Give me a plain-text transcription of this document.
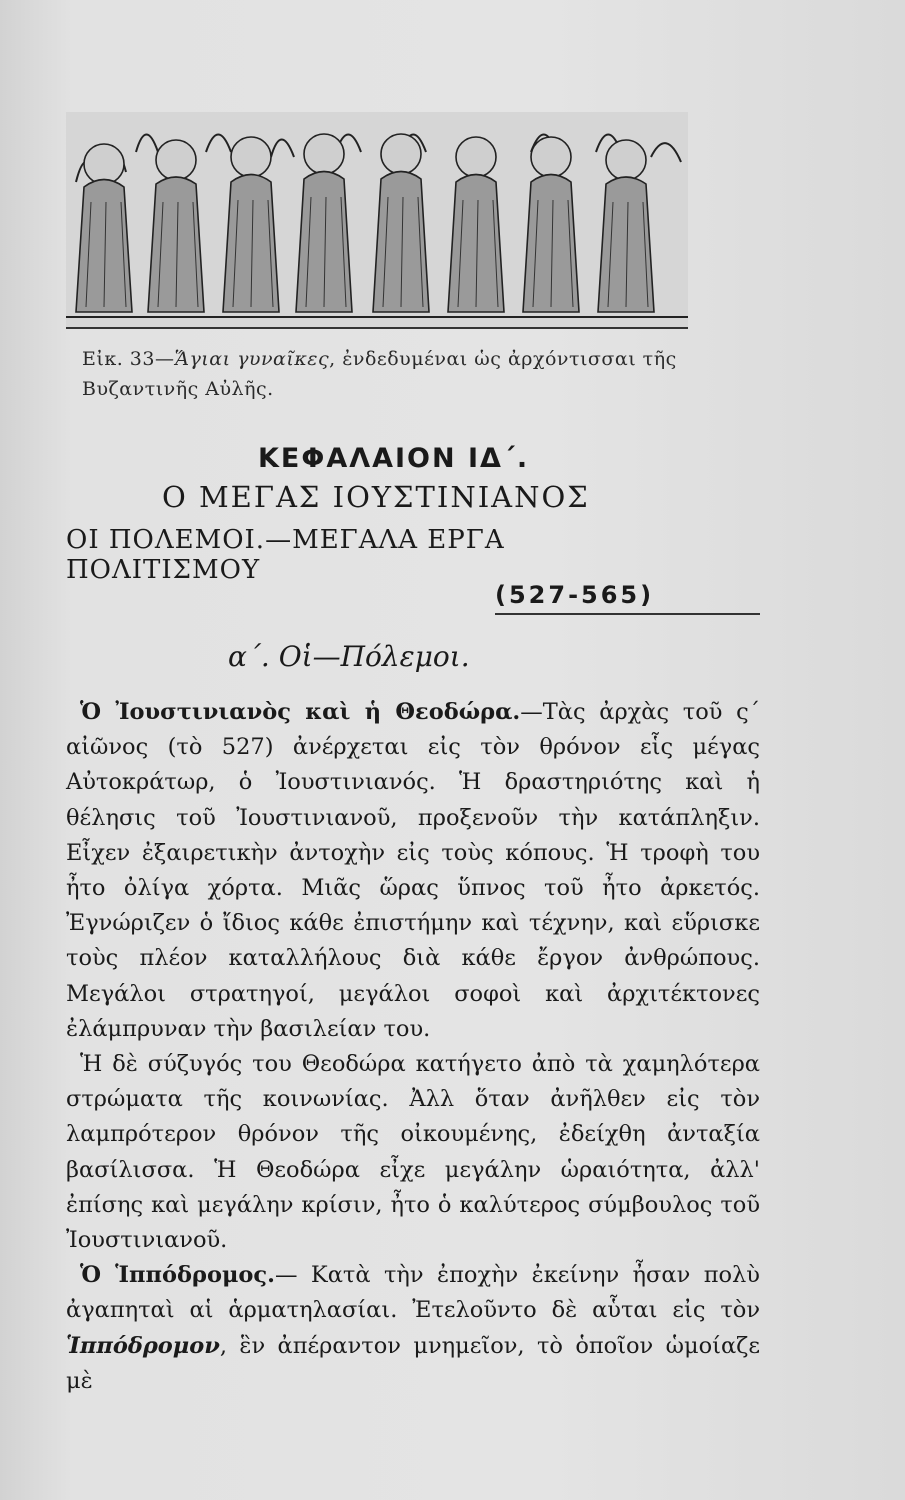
Εἰκ. 33—Ἅγιαι γυναῖκες, ἐνδεδυμέναι ὡς ἀρχόντισσαι τῆς Βυζαντινῆς Αὐλῆς.
ΚΕΦΑΛΑΙΟΝ ΙΔ΄.
Ο ΜΕΓΑΣ ΙΟΥΣΤΙΝΙΑΝΟΣ
ΟΙ ΠΟΛΕΜΟΙ.—ΜΕΓΑΛΑ ΕΡΓΑ ΠΟΛΙΤΙΣΜΟΥ
(527-565)
α΄. Οἱ—Πόλεμοι.

Ὁ Ἰουστινιανὸς καὶ ἡ Θεοδώρα.—Τὰς ἀρχὰς τοῦ ς΄ αἰῶνος (τὸ 527) ἀνέρχεται εἰς τὸν θρόνον εἷς μέγας Αὐτοκράτωρ, ὁ Ἰουστινιανός. Ἡ δραστηριότης καὶ ἡ θέλησις τοῦ Ἰουστινιανοῦ, προξενοῦν τὴν κατάπληξιν. Εἶχεν ἐξαιρετικὴν ἀντοχὴν εἰς τοὺς κόπους. Ἡ τροφὴ του ἦτο ὀλίγα χόρτα. Μιᾶς ὥρας ὕπνος τοῦ ἦτο ἀρκετός. Ἐγνώριζεν ὁ ἴδιος κάθε ἐπιστήμην καὶ τέχνην, καὶ εὕρισκε τοὺς πλέον καταλλήλους διὰ κάθε ἔργον ἀνθρώπους. Μεγάλοι στρατηγοί, μεγάλοι σοφοὶ καὶ ἀρχιτέκτονες ἐλάμπρυναν τὴν βασιλείαν του.

Ἡ δὲ σύζυγός του Θεοδώρα κατήγετο ἀπὸ τὰ χαμηλότερα στρώματα τῆς κοινωνίας. Ἀλλ ὅταν ἀνῆλθεν εἰς τὸν λαμπρότερον θρόνον τῆς οἰκουμένης, ἐδείχθη ἀνταξία βασίλισσα. Ἡ Θεοδώρα εἶχε μεγάλην ὡραιότητα, ἀλλ' ἐπίσης καὶ μεγάλην κρίσιν, ἦτο ὁ καλύτερος σύμβουλος τοῦ Ἰουστινιανοῦ.

Ὁ Ἱππόδρομος.— Κατὰ τὴν ἐποχὴν ἐκείνην ἦσαν πολὺ ἀγαπηταὶ αἱ ἁρματηλασίαι. Ἐτελοῦντο δὲ αὗται εἰς τὸν Ἱππόδρομον, ἓν ἀπέραντον μνημεῖον, τὸ ὁποῖον ὡμοίαζε μὲ
